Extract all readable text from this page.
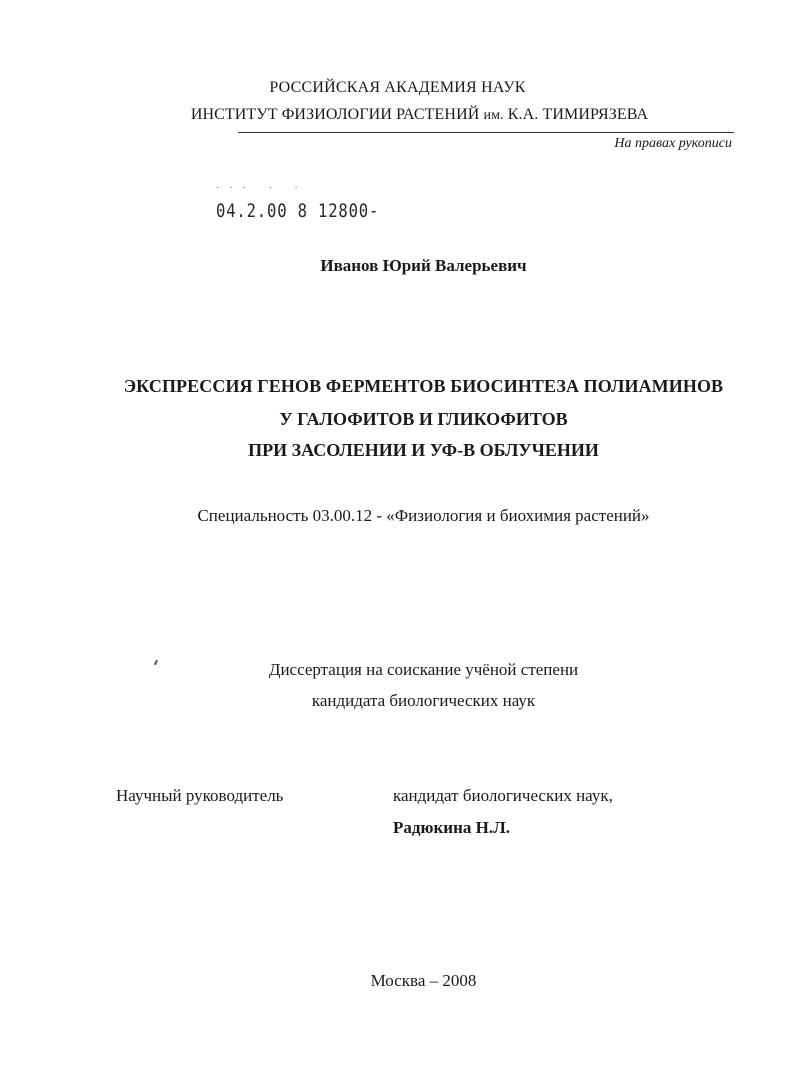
РОССИЙСКАЯ АКАДЕМИЯ НАУК
ИНСТИТУТ ФИЗИОЛОГИИ РАСТЕНИЙ им. К.А. ТИМИРЯЗЕВА
На правах рукописи
˙˙˙ ˙ ˙
04.2.00 8 12800-
Иванов Юрий Валерьевич
ЭКСПРЕССИЯ ГЕНОВ ФЕРМЕНТОВ БИОСИНТЕЗА ПОЛИАМИНОВ
У ГАЛОФИТОВ И ГЛИКОФИТОВ
ПРИ ЗАСОЛЕНИИ И УФ-В ОБЛУЧЕНИИ
Специальность 03.00.12 - «Физиология и биохимия растений»
Диссертация на соискание учёной степени
кандидата биологических наук
Научный руководитель	кандидат биологических наук,
Радюкина Н.Л.
Москва – 2008
